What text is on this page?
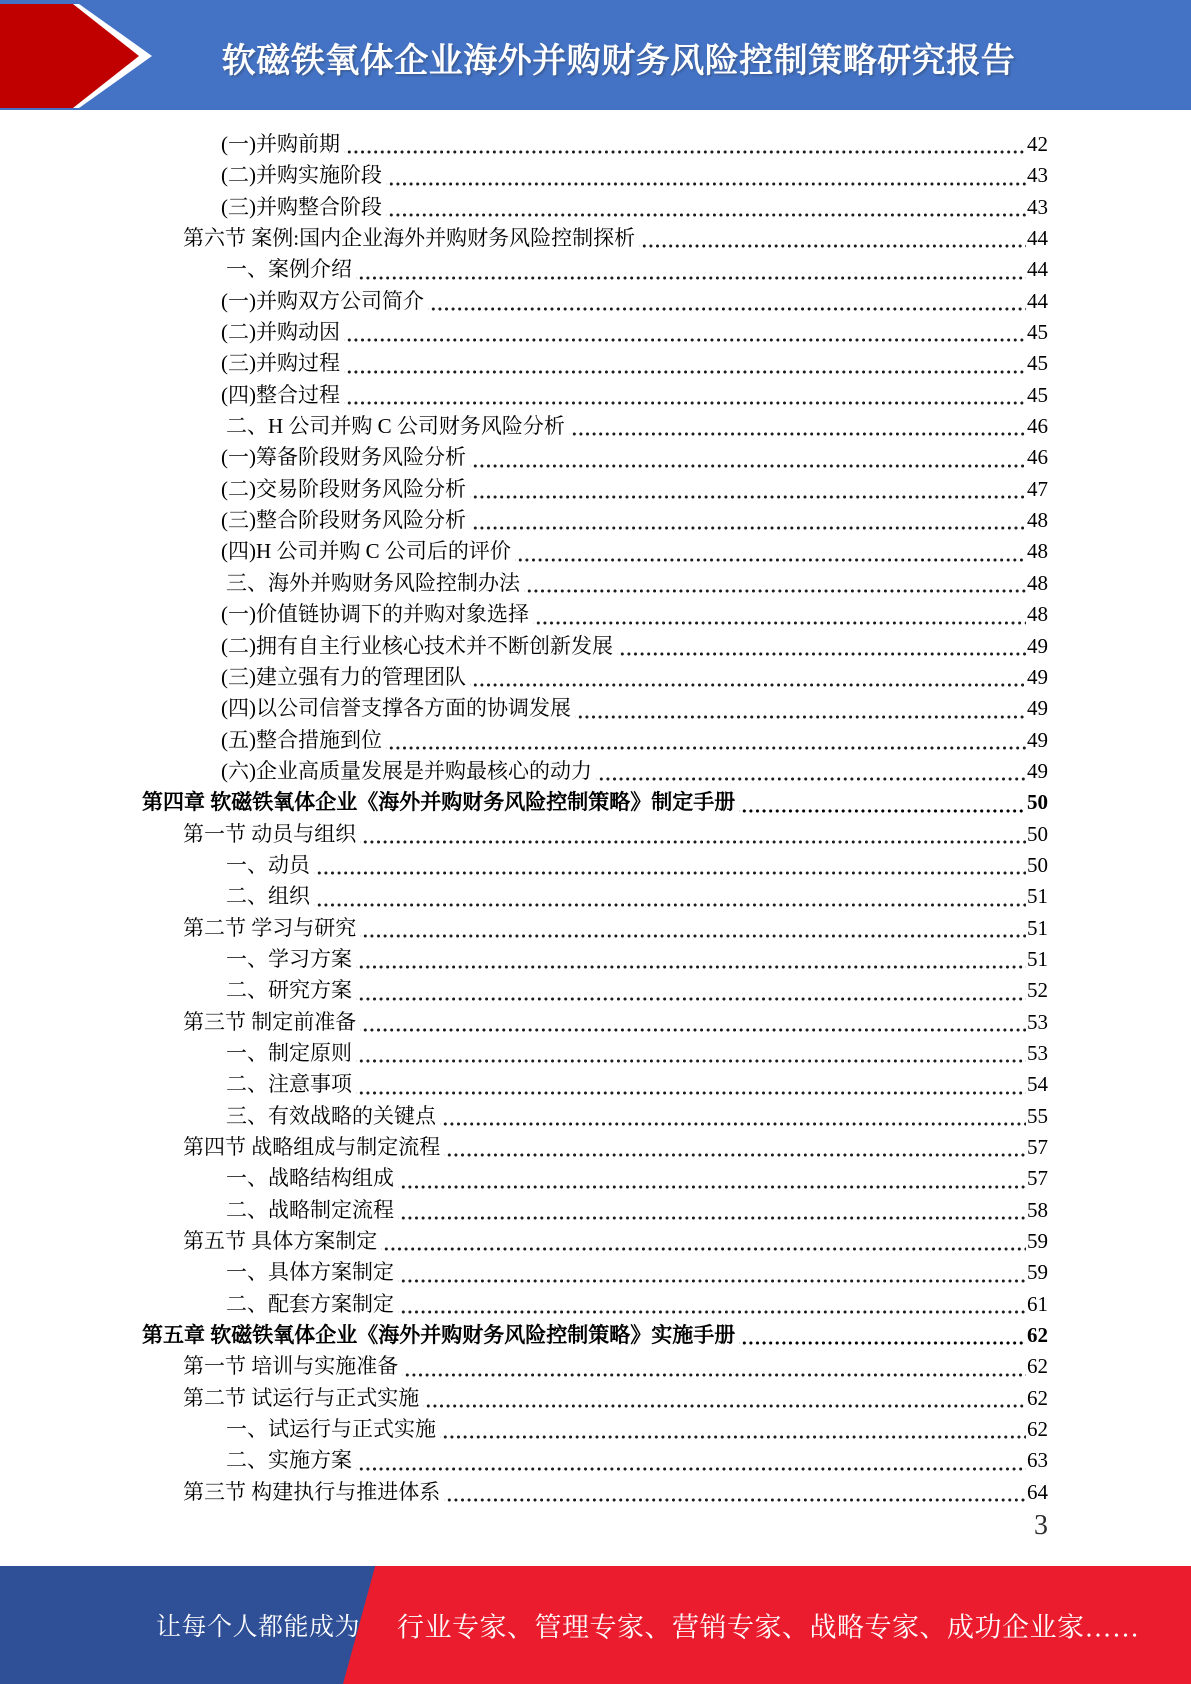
软磁铁氧体企业海外并购财务风险控制策略研究报告
(一)并购前期	42
(二)并购实施阶段	43
(三)并购整合阶段	43
第六节 案例:国内企业海外并购财务风险控制探析	44
一、案例介绍	44
(一)并购双方公司简介	44
(二)并购动因	45
(三)并购过程	45
(四)整合过程	45
二、H 公司并购 C 公司财务风险分析	46
(一)筹备阶段财务风险分析	46
(二)交易阶段财务风险分析	47
(三)整合阶段财务风险分析	48
(四)H 公司并购 C 公司后的评价	48
三、海外并购财务风险控制办法	48
(一)价值链协调下的并购对象选择	48
(二)拥有自主行业核心技术并不断创新发展	49
(三)建立强有力的管理团队	49
(四)以公司信誉支撑各方面的协调发展	49
(五)整合措施到位	49
(六)企业高质量发展是并购最核心的动力	49
第四章 软磁铁氧体企业《海外并购财务风险控制策略》制定手册	50
第一节 动员与组织	50
一、动员	50
二、组织	51
第二节 学习与研究	51
一、学习方案	51
二、研究方案	52
第三节 制定前准备	53
一、制定原则	53
二、注意事项	54
三、有效战略的关键点	55
第四节 战略组成与制定流程	57
一、战略结构组成	57
二、战略制定流程	58
第五节 具体方案制定	59
一、具体方案制定	59
二、配套方案制定	61
第五章 软磁铁氧体企业《海外并购财务风险控制策略》实施手册	62
第一节 培训与实施准备	62
第二节 试运行与正式实施	62
一、试运行与正式实施	62
二、实施方案	63
第三节 构建执行与推进体系	64
3
让每个人都能成为 行业专家、管理专家、营销专家、战略专家、成功企业家……
